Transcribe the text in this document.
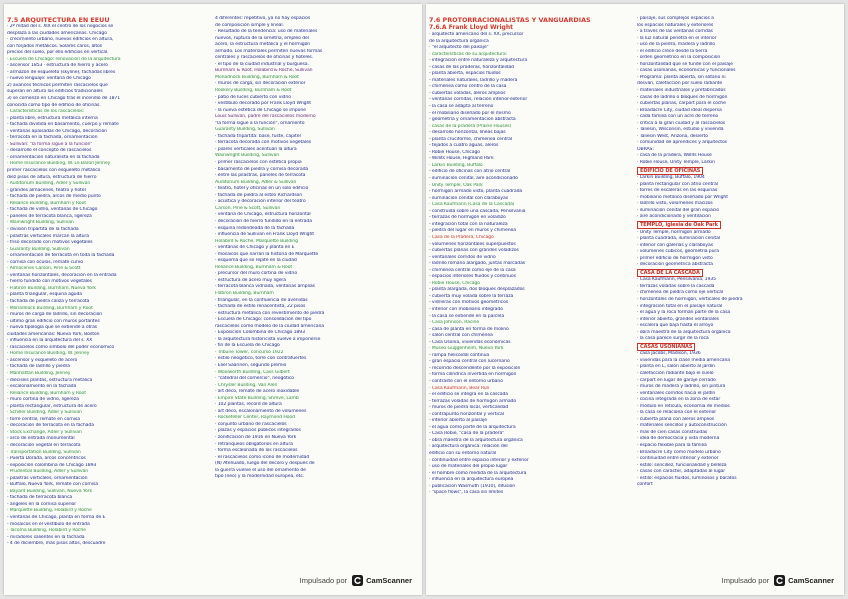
7.5 ARQUITECTURA EN EEUU
· 2ª mitad del s. XIX el centro de los negocios se
desplaza a las ciudades americanas. Chicago
· crecimiento urbano, nuevos edificios en altura,
con forjados metálicos. Solares caros, altos
precios del suelo, por ello edificios en vertical.
· Escuela de Chicago: renovación de la arquitectura
- ascensor 1853 · estructura de hierro y acero
- armazón de esqueleto (skyline), fachadas libres
- nuevo lenguaje: ventana de Chicago
2) avances técnicos permiten rascacielos que
superan en altura los edificios tradicionales
3) se comenzó en Chicago tras el incendio de 1871
conocida como tipo de edificio de oficinas.
· Características de los rascacielos:
- planta libre, estructura metálica interna
- fachada dividida en basamento, cuerpo y remate
- ventanas apaisadas de Chicago, decoración
- terracota en la fachada, ornamentación
· Sullivan: "la forma sigue a la función"
- desarrolló el concepto de rascacielos
- ornamentación naturalista en la fachada
· Home Insurance Building, W. Le Baron Jenney
primer rascacielos con esqueleto metálico
diez pisos de altura, estructura de hierro
· Auditorium Building, Adler y Sullivan
- grandes almacenes, teatro y hotel
- fachada de piedra, arcos de medio punto
· Reliance Building, Burnham y Root
- fachada de vidrio, ventanas de Chicago
- paneles de terracota blanca, ligereza
· Wainwright Building, Sullivan
- división tripartita de la fachada
- pilastras verticales marcan la altura
- friso decorado con motivos vegetales
· Guaranty Building, Sullivan
- ornamentación de terracota en toda la fachada
- cornisa con óculos, remate curvo
· Almacenes Carson, Pirie & Scott
- ventanas horizontales, decoración en la entrada
- hierro fundido con motivos vegetales
· Flatiron Building, Burnham, Nueva York
- planta triangular, esquina aguda
- fachada de piedra caliza y terracota
· Monadnock Building, Burnham y Root
- muros de carga de ladrillo, sin decoración
- último gran edificio con muros portantes
· nueva tipología que se extiende a otras
ciudades americanas: Nueva York, Boston
· influencia en la arquitectura del s. XX
· rascacielos como símbolo del poder económico
· Home Insurance Building, W. Jenney
- ascensor y esqueleto de acero
- fachada de ladrillo y piedra
· Manhattan Building, Jenney
- dieciséis plantas, estructura metálica
- escalonamiento en la fachada
· Reliance Building, Burnham y Root
- muro cortina de vidrio, ligereza
- planta rectangular, estructura de acero
· Schiller Building, Adler y Sullivan
- torre central, remate en cornisa
- decoración de terracota en la fachada
· Stock Exchange, Adler y Sullivan
- arco de entrada monumental
- decoración vegetal en terracota
· Transportation Building, Sullivan
- Puerta Dorada, arcos concéntricos
- exposición colombina de Chicago 1893
· Prudential Building, Adler y Sullivan
- pilastras verticales, ornamentación
- Buffalo, Nueva York, remate con cornisa
· Bayard Building, Sullivan, Nueva York
- fachada de terracota blanca
- ángeles en la cornisa superior
· Marquette Building, Holabird y Roche
- ventanas de Chicago, planta en forma de E
- mosaicos en el vestíbulo de entrada
· Tacoma Building, Holabird y Roche
- miradores salientes en la fachada
- 4 de diciembre, más pisos altos, descuadre
4 diferentes: repetitivo, ya no hay espacios
de composición simple y lineal.
· Resultado de la tendencia: uso de materiales
nuevos, ruptura de la simetría, empleo del
acero, la estructura metálica y el hormigón
armado. Los materiales permiten nuevas formas
centrales y rascacielos de oficinas y hoteles.
· el tipo de la ciudad industrial y burguesa.
Burnham & Root, Holabird & Roche, Sullivan
Monadnock Building, Burnham & Root
· muros de carga, sin decoración exterior
Rookery Building, Burnham & Root
· patio de luces cubierto con vidrio
· vestíbulo decorado por Frank Lloyd Wright
· la nueva estética de Chicago se impone
Louis Sullivan, padre del rascacielos moderno
"la forma sigue a la función", ornamento
Guaranty Building, Sullivan
· fachada tripartita: base, fuste, capitel
· terracota decorada con motivos vegetales
· pilares verticales acentúan la altura
Wainwright Building, Sullivan
· primer rascacielos con estética propia
· basamento de piedra y cornisa decorada
· entre las pilastras, paneles de terracota
Auditorium Building, Adler & Sullivan
· teatro, hotel y oficinas en un solo edificio
· fachada de piedra al estilo Richardson
· acústica y decoración interior del teatro
Carson, Pirie & Scott, Sullivan
· ventana de Chicago, estructura horizontal
· decoración de hierro fundido en la entrada
· esquina redondeada de la fachada
· influencia de Sullivan en Frank Lloyd Wright
Holabird & Roche, Marquette Building
· ventanas de Chicago y planta en E
· mosaicos que narran la historia de Marquette
· esquema que se repite en la ciudad
Reliance Building, Burnham & Root
· precursor del muro cortina de vidrio
· estructura de acero muy ligera
· terracota blanca vidriada, ventanas amplias
Flatiron Building, Burnham
· triangular, en la confluencia de avenidas
· fachada de estilo renacentista, 22 pisos
· estructura metálica con revestimiento de piedra
· Escuela de Chicago: consolidación del tipo
rascacielos como modelo de la ciudad americana
· Exposición Colombina de Chicago 1893
· la arquitectura historicista vuelve a imponerse
· fin de la Escuela de Chicago
· Tribune Tower, concurso 1922
· estilo neogótico, torre con contrafuertes
· Eliel Saarinen, segundo premio
· Woolworth Building, Cass Gilbert
· "catedral del comercio", neogótico
· Chrysler Building, Van Alen
· art déco, remate de acero inoxidable
· Empire State Building, Shreve, Lamb
· 102 plantas, récord de altura
· art déco, escalonamiento de volúmenes
· Rockefeller Center, Raymond Hood
· conjunto urbano de rascacielos
· plazas y espacios públicos integrados
· zonificación de 1916 en Nueva York
· retranqueos obligatorios en altura
· forma escalonada de los rascacielos
· el rascacielos como icono de modernidad
(N) Atenuado, luego del decoro y después de
la guerra vuelve el uso del ornamento de
tipo (neo) y la modernidad europea, etc.
Impulsado por	CamScanner
7.6 PROTORRACIONALISTAS Y VANGUARDIAS
7.6.A Frank Lloyd Wright
· arquitecto americano del s. XX, precursor
de la arquitectura orgánica
· "el arquitecto del paisaje"
· características de su arquitectura:
- integración entre naturaleza y arquitectura
- casas de las praderas, horizontalidad
- planta abierta, espacios fluidos
- materiales naturales, ladrillo y madera
- chimenea como centro de la casa
- cubiertas voladas, aleros amplios
- ventanas corridas, relación interior-exterior
- la casa se adapta al terreno
- el mobiliario diseñado por él mismo
- geometría y ornamentación abstracta
· casas de la pradera (Prairie Houses)
- desarrollo horizontal, líneas bajas
- planta cruciforme, chimenea central
- tejados a cuatro aguas, aleros
- Robie House, Chicago
- Willits House, Highland Park
· Larkin Building, Buffalo
- edificio de oficinas con atrio central
- iluminación cenital, aire acondicionado
· Unity Temple, Oak Park
- hormigón armado visto, planta cuadrada
- iluminación cenital con claraboyas
· Casa Kaufmann (Casa de la Cascada)
- construida sobre una cascada, Pensilvania
- terrazas de hormigón en voladizo
- integración total con la naturaleza
- piedra del lugar en muros y chimenea
· Casa de la Pradera, Chicago
- volúmenes horizontales superpuestos
- cubiertas planas con grandes voladizos
- ventanales corridos de vidrio
- ladrillo romano alargado, juntas marcadas
- chimenea central como eje de la casa
- espacios interiores fluidos y continuos
- Robie House, Chicago
- planta alargada, dos bloques desplazados
- cubierta muy volada sobre la terraza
- vidrieras con motivos geométricos
- interior con mobiliario integrado
- la casa se extiende en la parcela
- Casa Johnson, Racine
- casa de planta en forma de molino
- salón central con chimenea
- Casa Usonia, viviendas económicas
· Museo Guggenheim, Nueva York
- rampa helicoidal continua
- gran espacio central con lucernario
- recorrido descendente por la exposición
- forma cilíndrica invertida en hormigón
- contraste con el entorno urbano
· Casa Kaufmann, Bear Run
- el edificio se integra en la cascada
- terrazas voladas de hormigón armado
- muros de piedra local, verticalidad
- contrapunto horizontal y vertical
- interior abierto al paisaje
- el agua como parte de la arquitectura
- Casa Robie, "casa de la pradera"
- obra maestra de la arquitectura orgánica
· arquitectura orgánica: relación del
edificio con su entorno natural
· continuidad entre espacio interior y exterior
· uso de materiales del propio lugar
· el hombre como medida de la arquitectura
· influencia en la arquitectura europea
· publicación Wasmuth (1910), difusión
· "space flows", la casa sin límites
· paisaje, sus complejos espacios a
los espacios naturales y exteriores
· a través de las ventanas corridas
· la luz natural penetra en el interior
· uso de la piedra, madera y ladrillo
· el edificio crece desde la tierra
· orden geométrico en la composición
· horizontalidad que se funde con el paisaje
· casas usonianas, económicas y funcionales
· Programa: planta abierta, sin sótano ni
desván, calefacción por suelo radiante
· materiales industriales y prefabricados
· casas de ladrillo o bloques de hormigón
· cubiertas planas, carport para el coche
· Broadacre City, ciudad ideal dispersa
· cada familia con un acre de terreno
· crítica a la gran ciudad y al rascacielos
· Taliesin, Wisconsin, estudio y vivienda
· Taliesin West, Arizona, desierto
· comunidad de aprendices y arquitectos
OBRAS:
· casa de la pradera, Willits House
· Robie House, Unity Temple, Larkin
EDIFICIO DE OFICINAS
· Larkin Building, Buffalo, 1904
· planta rectangular con atrio central
· torres de escaleras en las esquinas
· mobiliario metálico diseñado por Wright
· ladrillo visto, volúmenes macizos
· iluminación cenital del gran espacio
· aire acondicionado y ventilación
TEMPLO, iglesia de Oak Park
· Unity Temple, hormigón armado
· planta cuadrada, iluminación cenital
· interior con galerías y claraboyas
· volúmenes cúbicos, geometría pura
· primer edificio de hormigón visto
· decoración geométrica abstracta
CASA DE LA CASCADA
· Casa Kaufmann, Pensilvania, 1935
· terrazas voladas sobre la cascada
· chimenea de piedra como eje vertical
· horizontales de hormigón, verticales de piedra
· integración total en el paisaje natural
· el agua y la roca forman parte de la casa
· interior abierto, grandes ventanales
· escalera que baja hasta el arroyo
· obra maestra de la arquitectura orgánica
· la casa parece surgir de la roca
CASAS USONIANAS
· casa Jacobs, Madison, 1936
· viviendas para la clase media americana
· planta en L, salón abierto al jardín
· calefacción radiante bajo el suelo
· carport en lugar de garaje cerrado
· muros de madera y ladrillo, sin pintura
· ventanales corridos hacia el jardín
· cocina integrada en la zona de estar
· módulo en retícula, economía de medios
· la casa se relaciona con el exterior
· cubierta plana con aleros amplios
· materiales sencillos y autoconstrucción
· más de cien casas construidas
· idea de democracia y vida moderna
· espacio flexible para la familia
· Broadacre City como modelo urbano
· continuidad entre interior y exterior
· estilo: sencillez, funcionalidad y belleza
· casas con carácter, adaptadas al lugar
· estilo: espacios fluidos, luminosos y baratos
confort
Impulsado por	CamScanner
